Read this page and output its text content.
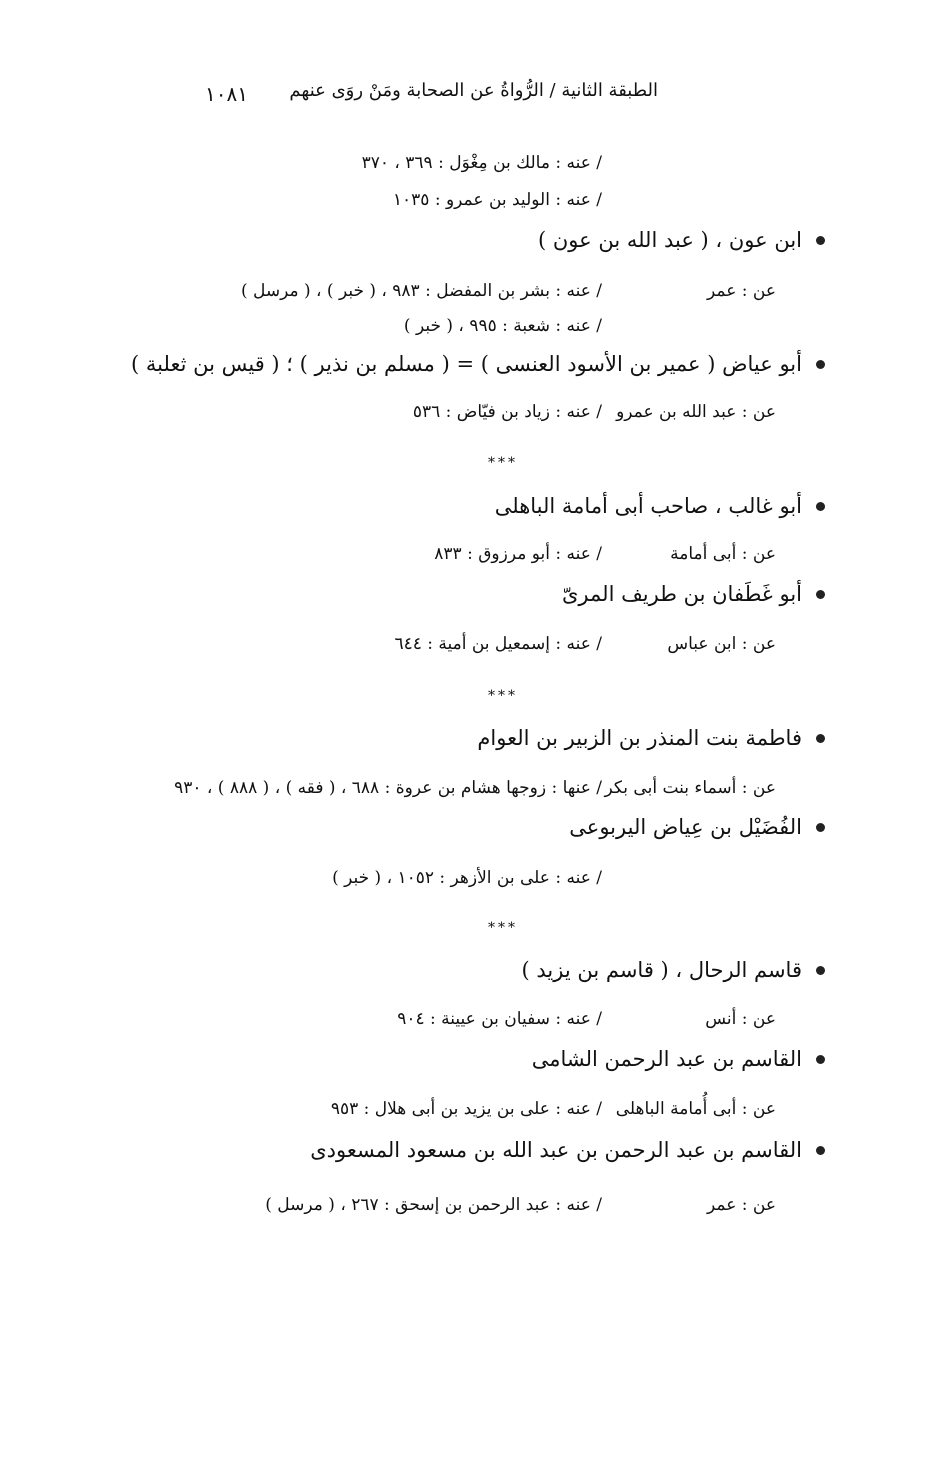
الطبقة الثانية / الرُّواةُ عن الصحابة ومَنْ روَى عنهم
١٠٨١
/ عنه : مالك بن مِغْوَل : ٣٦٩ ، ٣٧٠
/ عنه : الوليد بن عمرو : ١٠٣٥
ابن عون ، ( عبد الله بن عون )
عن : عمر
/ عنه : بشر بن المفضل : ٩٨٣ ، ( خبر ) ، ( مرسل )
/ عنه : شعبة : ٩٩٥ ، ( خبر )
أبو عياض ( عمير بن الأسود العنسى ) = ( مسلم بن نذير ) ؛ ( قيس بن ثعلبة )
عن : عبد الله بن عمرو
/ عنه : زياد بن فيّاض : ٥٣٦
***
أبو غالب ، صاحب أبى أمامة الباهلى
عن : أبى أمامة
/ عنه : أبو مرزوق : ٨٣٣
أبو غَطَفان بن طريف المرىّ
عن : ابن عباس
/ عنه : إسمعيل بن أمية : ٦٤٤
***
فاطمة بنت المنذر بن الزبير بن العوام
عن : أسماء بنت أبى بكر
/ عنها : زوجها هشام بن عروة : ٦٨٨ ، ( فقه ) ، ( ٨٨٨ ) ، ٩٣٠
الفُضَيْل بن عِياض اليربوعى
/ عنه : على بن الأزهر : ١٠٥٢ ، ( خبر )
***
قاسم الرحال ، ( قاسم بن يزيد )
عن : أنس
/ عنه : سفيان بن عيينة : ٩٠٤
القاسم بن عبد الرحمن الشامى
عن : أبى أُمامة الباهلى
/ عنه : على بن يزيد بن أبى هلال : ٩٥٣
القاسم بن عبد الرحمن بن عبد الله بن مسعود المسعودى
عن : عمر
/ عنه : عبد الرحمن بن إسحق : ٢٦٧ ، ( مرسل )
